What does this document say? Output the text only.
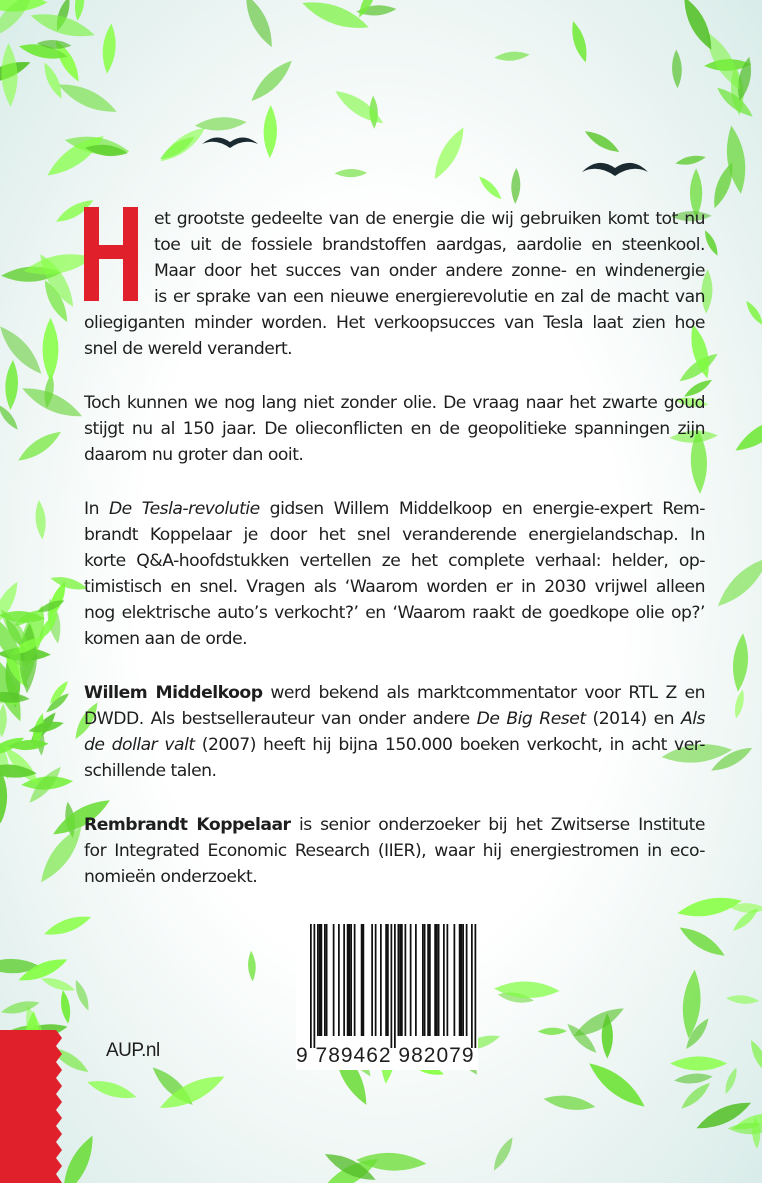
et grootste gedeelte van de energie die wij gebruiken komt tot nu
toe uit de fossiele brandstoffen aardgas, aardolie en steenkool.
Maar door het succes van onder andere zonne- en windenergie
is er sprake van een nieuwe energierevolutie en zal de macht van
oliegiganten minder worden. Het verkoopsucces van Tesla laat zien hoe
snel de wereld verandert.
Toch kunnen we nog lang niet zonder olie. De vraag naar het zwarte goud
stijgt nu al 150 jaar. De olieconflicten en de geopolitieke spanningen zijn
daarom nu groter dan ooit.
In De Tesla-revolutie gidsen Willem Middelkoop en energie-expert Rem-
brandt Koppelaar je door het snel veranderende energielandschap. In
korte Q&A-hoofdstukken vertellen ze het complete verhaal: helder, op-
timistisch en snel. Vragen als ‘Waarom worden er in 2030 vrijwel alleen
nog elektrische auto’s verkocht?’ en ‘Waarom raakt de goedkope olie op?’
komen aan de orde.
Willem Middelkoop werd bekend als marktcommentator voor RTL Z en
DWDD. Als bestsellerauteur van onder andere De Big Reset (2014) en Als
de dollar valt (2007) heeft hij bijna 150.000 boeken verkocht, in acht ver-
schillende talen.
Rembrandt Koppelaar is senior onderzoeker bij het Zwitserse Institute
for Integrated Economic Research (IIER), waar hij energiestromen in eco-
nomieën onderzoekt.
9 789462 982079
AUP.nl
